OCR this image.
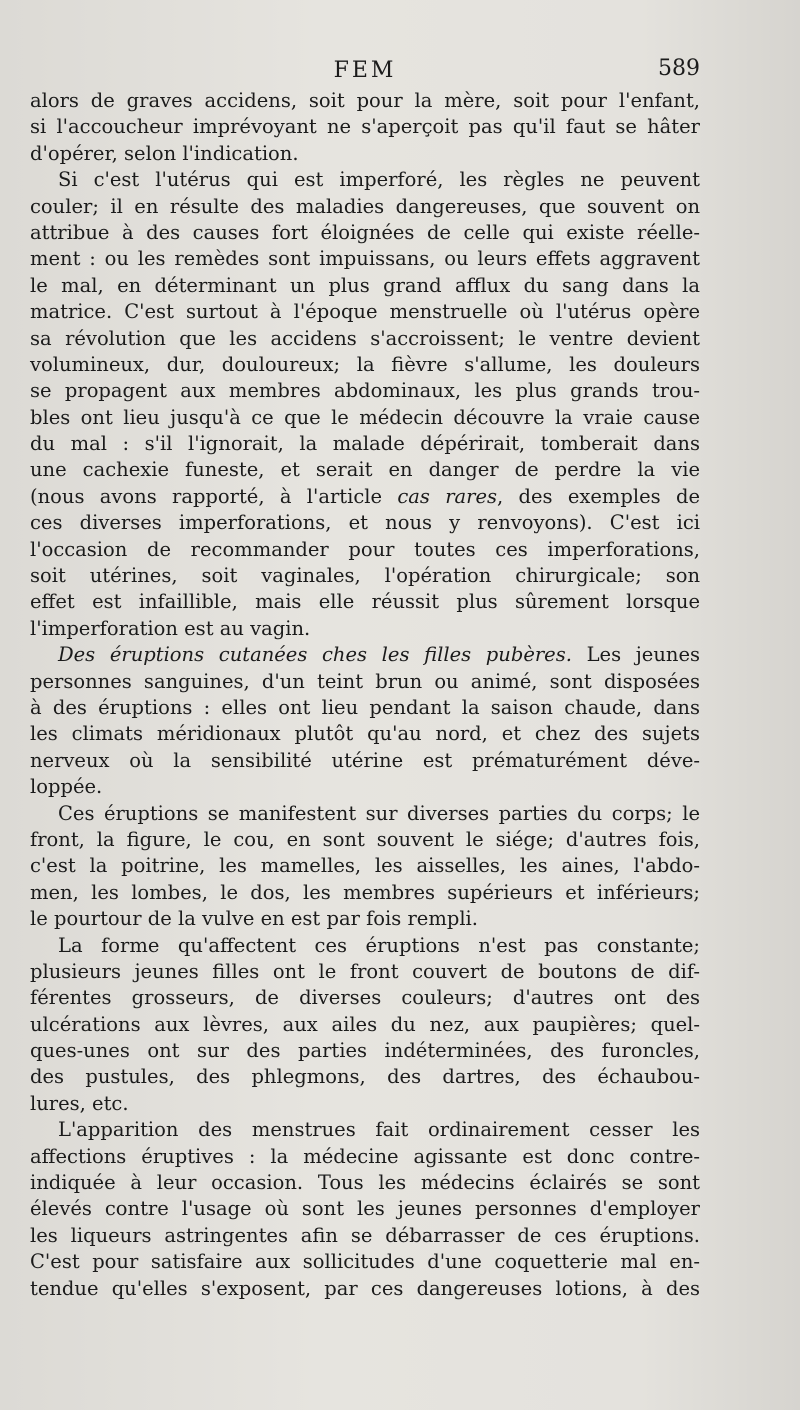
FEM	589
alors de graves accidens, soit pour la mère, soit pour l'enfant,
si l'accoucheur imprévoyant ne s'aperçoit pas qu'il faut se hâter
d'opérer, selon l'indication.
Si c'est l'utérus qui est imperforé, les règles ne peuvent
couler; il en résulte des maladies dangereuses, que souvent on
attribue à des causes fort éloignées de celle qui existe réelle-
ment : ou les remèdes sont impuissans, ou leurs effets aggravent
le mal, en déterminant un plus grand afflux du sang dans la
matrice. C'est surtout à l'époque menstruelle où l'utérus opère
sa révolution que les accidens s'accroissent; le ventre devient
volumineux, dur, douloureux; la fièvre s'allume, les douleurs
se propagent aux membres abdominaux, les plus grands trou-
bles ont lieu jusqu'à ce que le médecin découvre la vraie cause
du mal : s'il l'ignorait, la malade dépérirait, tomberait dans
une cachexie funeste, et serait en danger de perdre la vie
(nous avons rapporté, à l'article cas rares, des exemples de
ces diverses imperforations, et nous y renvoyons). C'est ici
l'occasion de recommander pour toutes ces imperforations,
soit utérines, soit vaginales, l'opération chirurgicale; son
effet est infaillible, mais elle réussit plus sûrement lorsque
l'imperforation est au vagin.
Des éruptions cutanées ches les filles pubères. Les jeunes
personnes sanguines, d'un teint brun ou animé, sont disposées
à des éruptions : elles ont lieu pendant la saison chaude, dans
les climats méridionaux plutôt qu'au nord, et chez des sujets
nerveux où la sensibilité utérine est prématurément déve-
loppée.
Ces éruptions se manifestent sur diverses parties du corps; le
front, la figure, le cou, en sont souvent le siége; d'autres fois,
c'est la poitrine, les mamelles, les aisselles, les aines, l'abdo-
men, les lombes, le dos, les membres supérieurs et inférieurs;
le pourtour de la vulve en est par fois rempli.
La forme qu'affectent ces éruptions n'est pas constante;
plusieurs jeunes filles ont le front couvert de boutons de dif-
férentes grosseurs, de diverses couleurs; d'autres ont des
ulcérations aux lèvres, aux ailes du nez, aux paupières; quel-
ques-unes ont sur des parties indéterminées, des furoncles,
des pustules, des phlegmons, des dartres, des échaubou-
lures, etc.
L'apparition des menstrues fait ordinairement cesser les
affections éruptives : la médecine agissante est donc contre-
indiquée à leur occasion. Tous les médecins éclairés se sont
élevés contre l'usage où sont les jeunes personnes d'employer
les liqueurs astringentes afin se débarrasser de ces éruptions.
C'est pour satisfaire aux sollicitudes d'une coquetterie mal en-
tendue qu'elles s'exposent, par ces dangereuses lotions, à des
